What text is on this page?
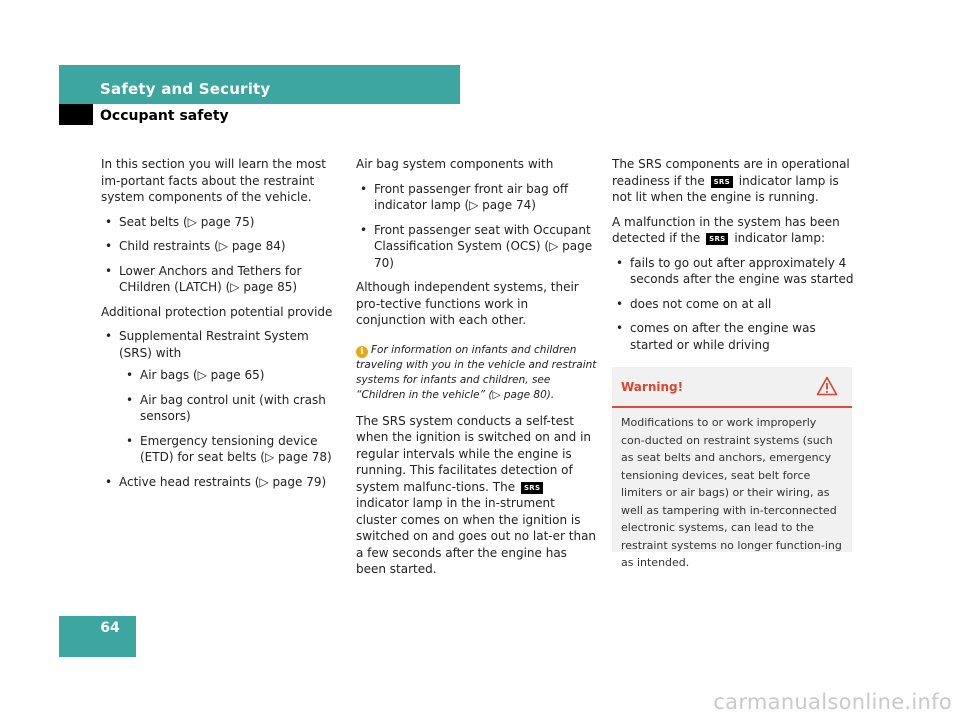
Safety and Security
Occupant safety

In this section you will learn the most im-portant facts about the restraint system components of the vehicle.

• Seat belts (▷ page 75)
• Child restraints (▷ page 84)
• Lower Anchors and Tethers for CHildren (LATCH) (▷ page 85)

Additional protection potential provide

• Supplemental Restraint System (SRS) with
• Air bags (▷ page 65)
• Air bag control unit (with crash sensors)
• Emergency tensioning device (ETD) for seat belts (▷ page 78)
• Active head restraints (▷ page 79)

Air bag system components with

• Front passenger front air bag off indicator lamp (▷ page 74)
• Front passenger seat with Occupant Classification System (OCS) (▷ page 70)

Although independent systems, their pro-tective functions work in conjunction with each other.

i For information on infants and children traveling with you in the vehicle and restraint systems for infants and children, see “Children in the vehicle” (▷ page 80).

The SRS system conducts a self-test when the ignition is switched on and in regular intervals while the engine is running. This facilitates detection of system malfunc-tions. The SRS indicator lamp in the in-strument cluster comes on when the ignition is switched on and goes out no lat-er than a few seconds after the engine has been started.

The SRS components are in operational readiness if the SRS indicator lamp is not lit when the engine is running.

A malfunction in the system has been detected if the SRS indicator lamp:

• fails to go out after approximately 4 seconds after the engine was started
• does not come on at all
• comes on after the engine was started or while driving
Warning!
Modifications to or work improperly con-ducted on restraint systems (such as seat belts and anchors, emergency tensioning devices, seat belt force limiters or air bags) or their wiring, as well as tampering with in-terconnected electronic systems, can lead to the restraint systems no longer function-ing as intended.
64
carmanualsonline.info
